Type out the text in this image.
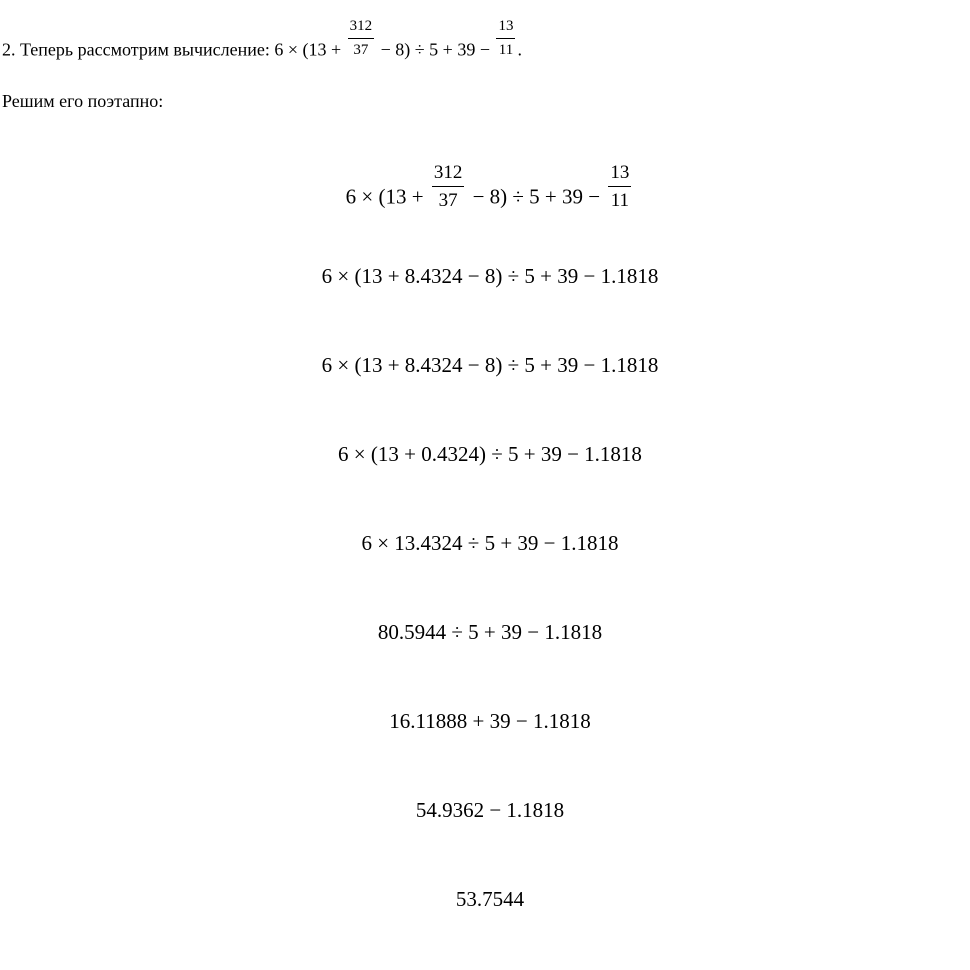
2. Теперь рассмотрим вычисление: $6 \times (13 + \frac{312}{37} - 8) \div 5 + 39 - \frac{13}{11}$ .
Решим его поэтапно:
$6 \times (13 + \frac{312}{37} - 8) \div 5 + 39 - \frac{13}{11}$
6 × (13 + 8.4324 − 8) ÷ 5 + 39 − 1.1818
6 × (13 + 8.4324 − 8) ÷ 5 + 39 − 1.1818
6 × (13 + 0.4324) ÷ 5 + 39 − 1.1818
6 × 13.4324 ÷ 5 + 39 − 1.1818
80.5944 ÷ 5 + 39 − 1.1818
16.11888 + 39 − 1.1818
54.9362 − 1.1818
53.7544
